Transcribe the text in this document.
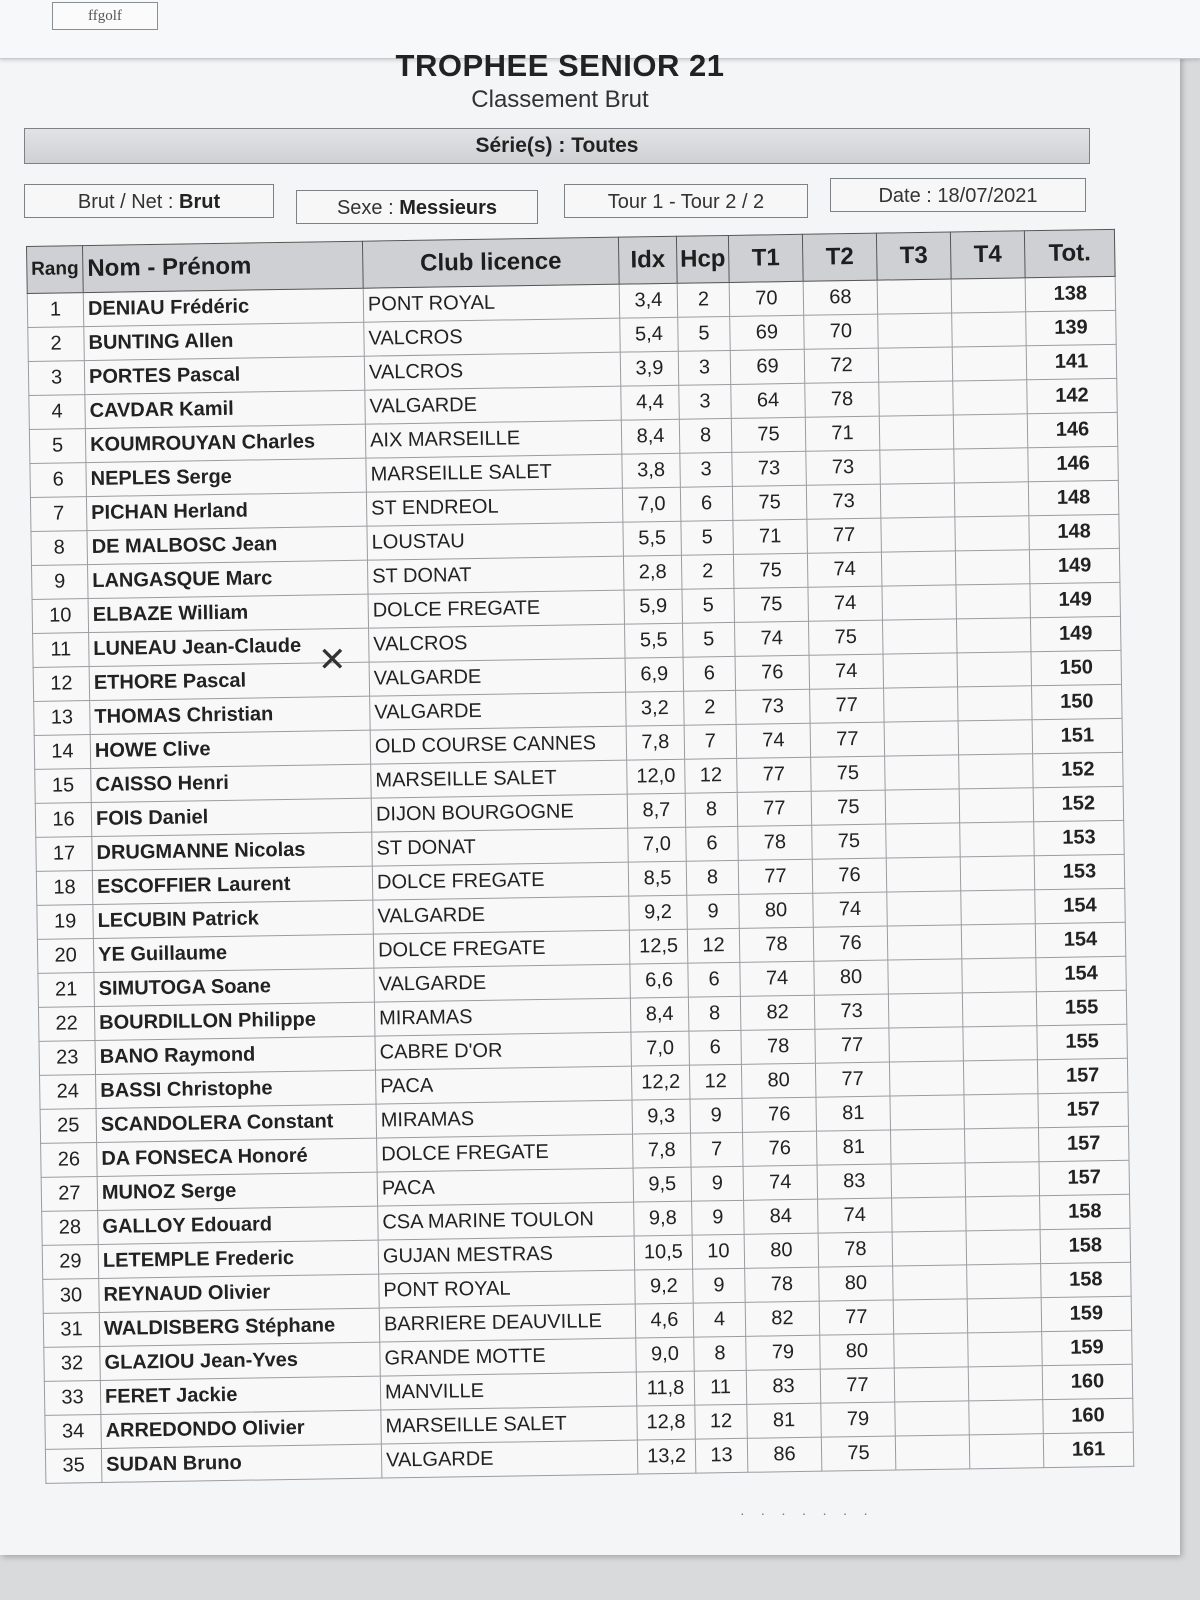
ffgolf
TROPHEE SENIOR 21
Classement Brut
Série(s) : Toutes
Brut / Net : Brut	Sexe : Messieurs	Tour 1 - Tour 2 / 2	Date : 18/07/2021
Rang	Nom - Prénom	Club licence	Idx	Hcp	T1	T2	T3	T4	Tot.
1	DENIAU Frédéric	PONT ROYAL	3,4	2	70	68			138
2	BUNTING Allen	VALCROS	5,4	5	69	70			139
3	PORTES Pascal	VALCROS	3,9	3	69	72			141
4	CAVDAR Kamil	VALGARDE	4,4	3	64	78			142
5	KOUMROUYAN Charles	AIX MARSEILLE	8,4	8	75	71			146
6	NEPLES Serge	MARSEILLE SALET	3,8	3	73	73			146
7	PICHAN Herland	ST ENDREOL	7,0	6	75	73			148
8	DE MALBOSC Jean	LOUSTAU	5,5	5	71	77			148
9	LANGASQUE Marc	ST DONAT	2,8	2	75	74			149
10	ELBAZE William	DOLCE FREGATE	5,9	5	75	74			149
11	LUNEAU Jean-Claude	VALCROS	5,5	5	74	75			149
12	ETHORE Pascal	VALGARDE	6,9	6	76	74			150
13	THOMAS Christian	VALGARDE	3,2	2	73	77			150
14	HOWE Clive	OLD COURSE CANNES	7,8	7	74	77			151
15	CAISSO Henri	MARSEILLE SALET	12,0	12	77	75			152
16	FOIS Daniel	DIJON BOURGOGNE	8,7	8	77	75			152
17	DRUGMANNE Nicolas	ST DONAT	7,0	6	78	75			153
18	ESCOFFIER Laurent	DOLCE FREGATE	8,5	8	77	76			153
19	LECUBIN Patrick	VALGARDE	9,2	9	80	74			154
20	YE Guillaume	DOLCE FREGATE	12,5	12	78	76			154
21	SIMUTOGA Soane	VALGARDE	6,6	6	74	80			154
22	BOURDILLON Philippe	MIRAMAS	8,4	8	82	73			155
23	BANO Raymond	CABRE D'OR	7,0	6	78	77			155
24	BASSI Christophe	PACA	12,2	12	80	77			157
25	SCANDOLERA Constant	MIRAMAS	9,3	9	76	81			157
26	DA FONSECA Honoré	DOLCE FREGATE	7,8	7	76	81			157
27	MUNOZ Serge	PACA	9,5	9	74	83			157
28	GALLOY Edouard	CSA MARINE TOULON	9,8	9	84	74			158
29	LETEMPLE Frederic	GUJAN MESTRAS	10,5	10	80	78			158
30	REYNAUD Olivier	PONT ROYAL	9,2	9	78	80			158
31	WALDISBERG Stéphane	BARRIERE DEAUVILLE	4,6	4	82	77			159
32	GLAZIOU Jean-Yves	GRANDE MOTTE	9,0	8	79	80			159
33	FERET Jackie	MANVILLE	11,8	11	83	77			160
34	ARREDONDO Olivier	MARSEILLE SALET	12,8	12	81	79			160
35	SUDAN Bruno	VALGARDE	13,2	13	86	75			161
✕
· · · · · · ·
